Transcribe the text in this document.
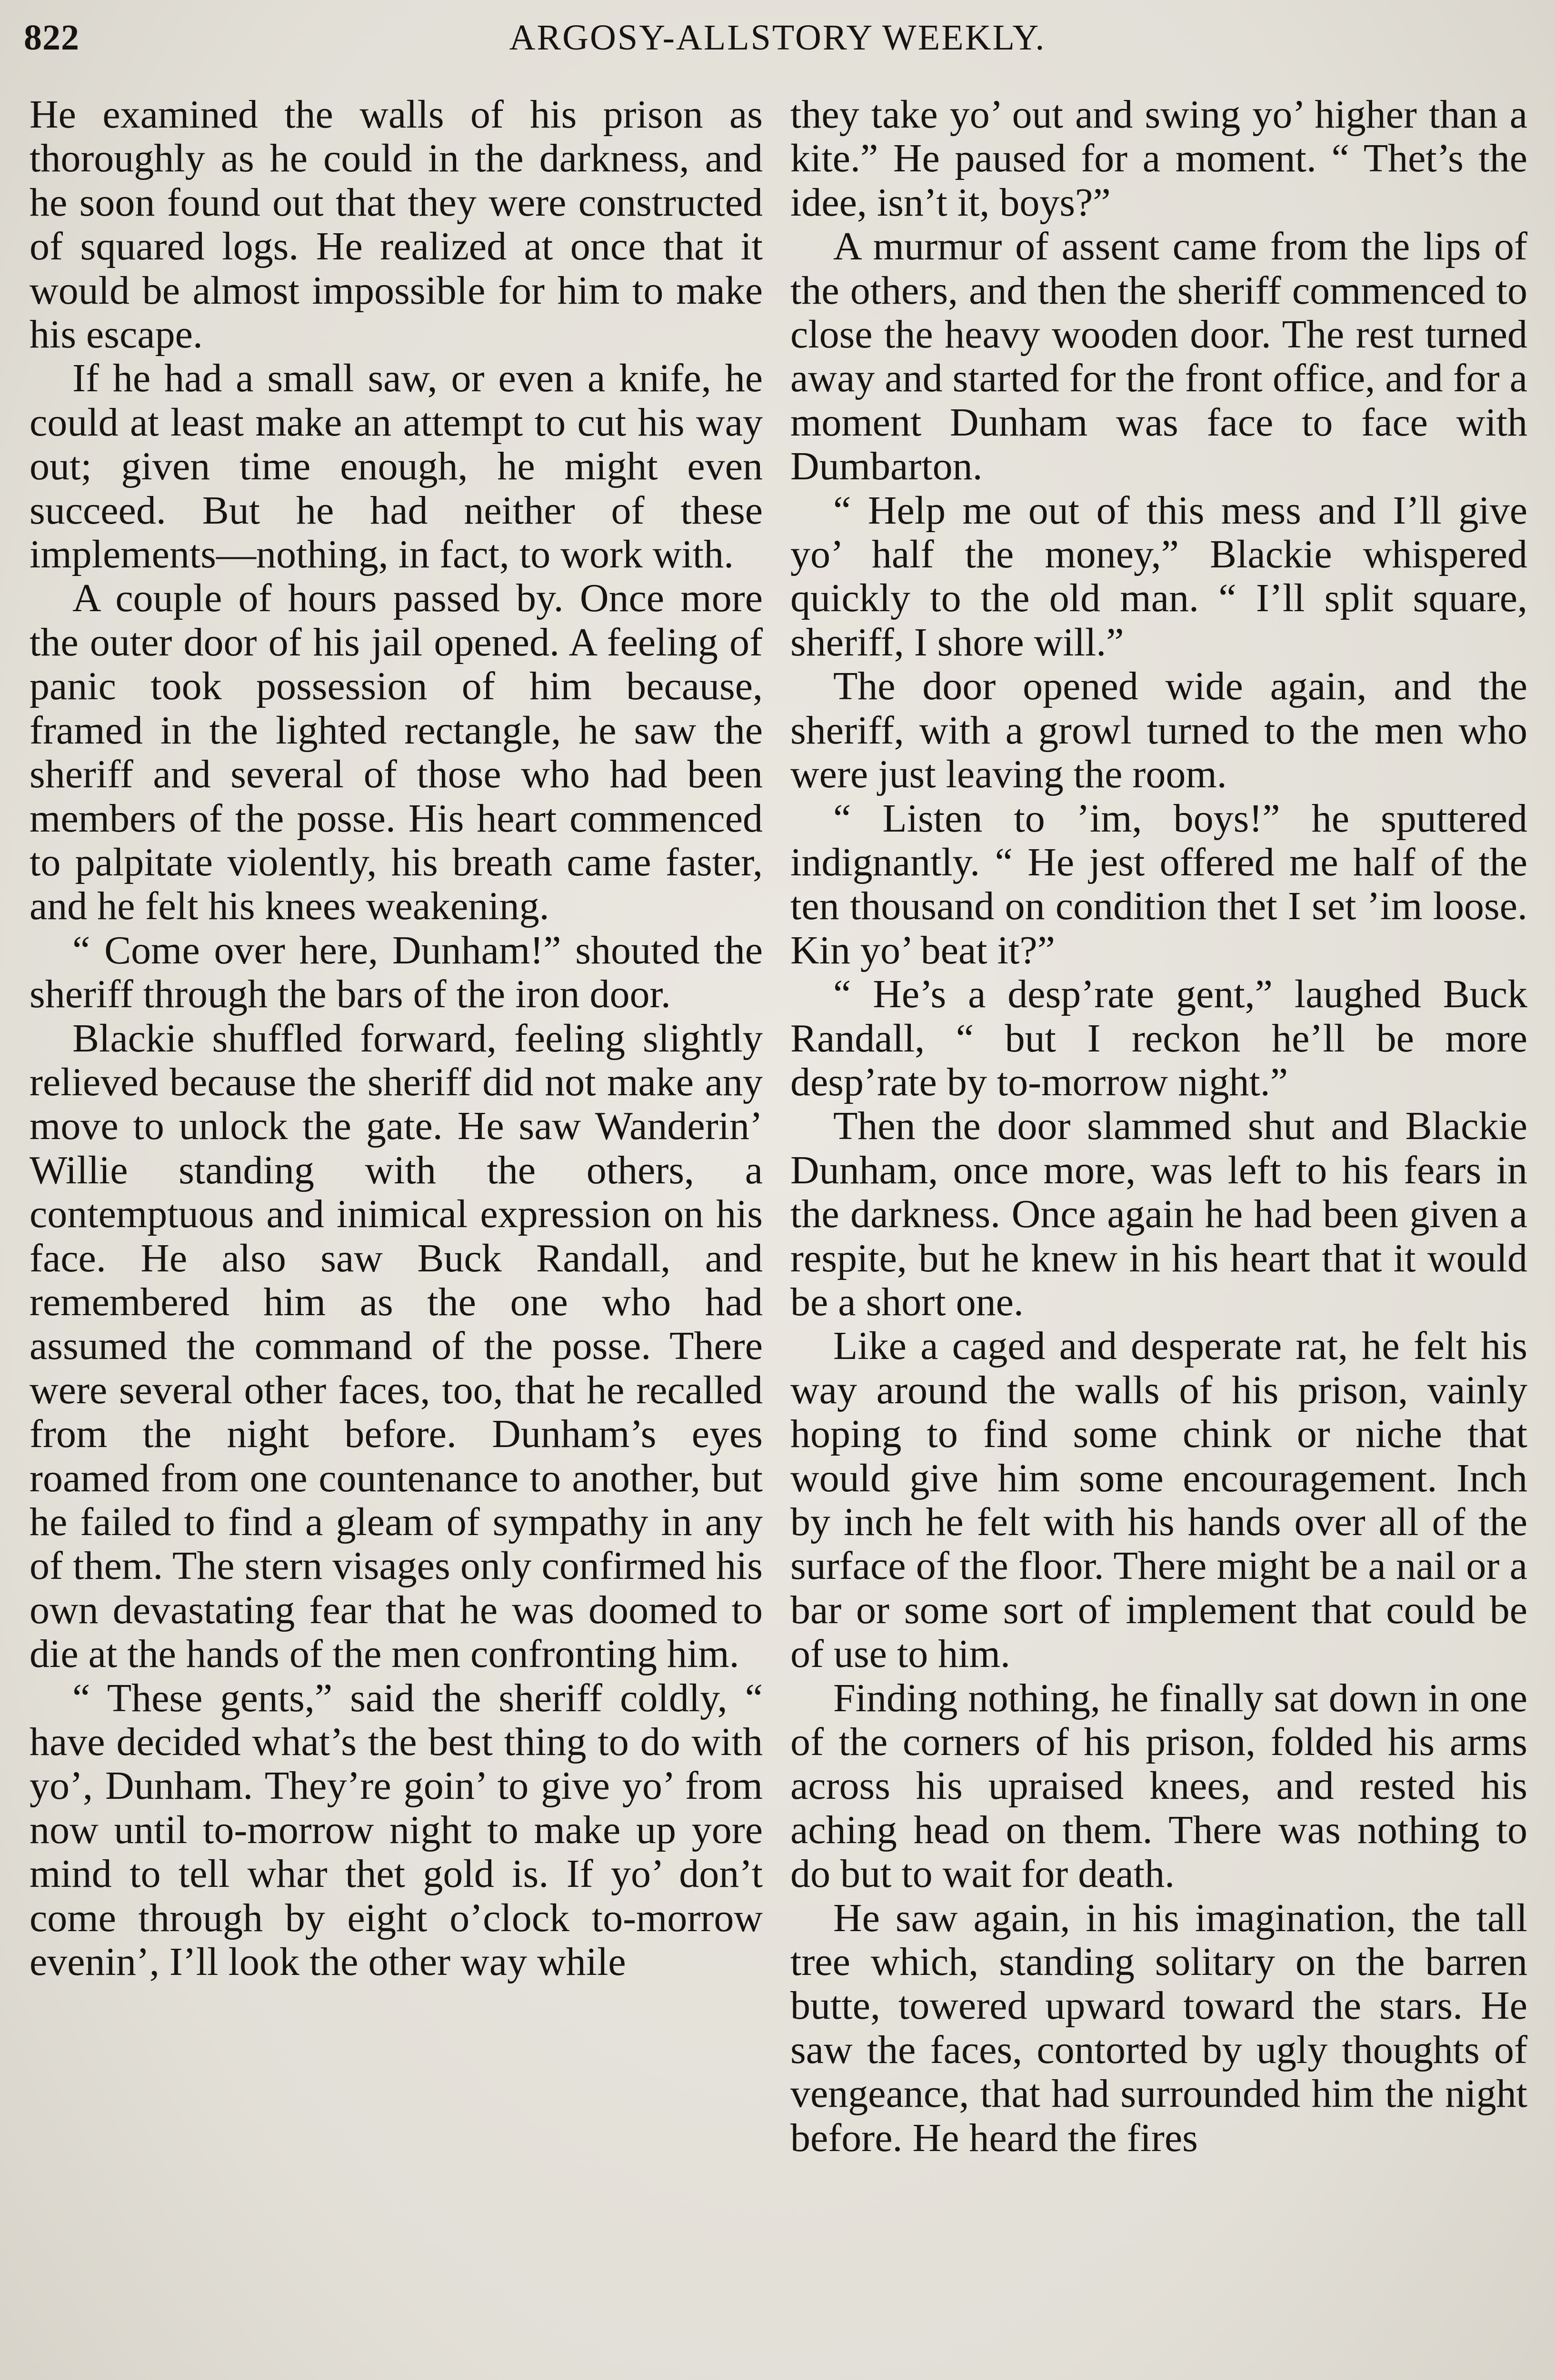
822	ARGOSY-ALLSTORY WEEKLY.

He examined the walls of his prison as thoroughly as he could in the darkness, and he soon found out that they were constructed of squared logs. He realized at once that it would be almost impossible for him to make his escape.

If he had a small saw, or even a knife, he could at least make an attempt to cut his way out; given time enough, he might even succeed. But he had neither of these implements—nothing, in fact, to work with.

A couple of hours passed by. Once more the outer door of his jail opened. A feeling of panic took possession of him because, framed in the lighted rectangle, he saw the sheriff and several of those who had been members of the posse. His heart commenced to palpitate violently, his breath came faster, and he felt his knees weakening.

“ Come over here, Dunham!” shouted the sheriff through the bars of the iron door.

Blackie shuffled forward, feeling slightly relieved because the sheriff did not make any move to unlock the gate. He saw Wanderin’ Willie standing with the others, a contemptuous and inimical expression on his face. He also saw Buck Randall, and remembered him as the one who had assumed the command of the posse. There were several other faces, too, that he recalled from the night before. Dunham’s eyes roamed from one countenance to another, but he failed to find a gleam of sympathy in any of them. The stern visages only confirmed his own devastating fear that he was doomed to die at the hands of the men confronting him.

“ These gents,” said the sheriff coldly, “ have decided what’s the best thing to do with yo’, Dunham. They’re goin’ to give yo’ from now until to-morrow night to make up yore mind to tell whar thet gold is. If yo’ don’t come through by eight o’clock to-morrow evenin’, I’ll look the other way while

they take yo’ out and swing yo’ higher than a kite.” He paused for a moment. “ Thet’s the idee, isn’t it, boys?”

A murmur of assent came from the lips of the others, and then the sheriff commenced to close the heavy wooden door. The rest turned away and started for the front office, and for a moment Dunham was face to face with Dumbarton.

“ Help me out of this mess and I’ll give yo’ half the money,” Blackie whispered quickly to the old man. “ I’ll split square, sheriff, I shore will.”

The door opened wide again, and the sheriff, with a growl turned to the men who were just leaving the room.

“ Listen to ’im, boys!” he sputtered indignantly. “ He jest offered me half of the ten thousand on condition thet I set ’im loose. Kin yo’ beat it?”

“ He’s a desp’rate gent,” laughed Buck Randall, “ but I reckon he’ll be more desp’rate by to-morrow night.”

Then the door slammed shut and Blackie Dunham, once more, was left to his fears in the darkness. Once again he had been given a respite, but he knew in his heart that it would be a short one.

Like a caged and desperate rat, he felt his way around the walls of his prison, vainly hoping to find some chink or niche that would give him some encouragement. Inch by inch he felt with his hands over all of the surface of the floor. There might be a nail or a bar or some sort of implement that could be of use to him.

Finding nothing, he finally sat down in one of the corners of his prison, folded his arms across his upraised knees, and rested his aching head on them. There was nothing to do but to wait for death.

He saw again, in his imagination, the tall tree which, standing solitary on the barren butte, towered upward toward the stars. He saw the faces, contorted by ugly thoughts of vengeance, that had surrounded him the night before. He heard the fires
